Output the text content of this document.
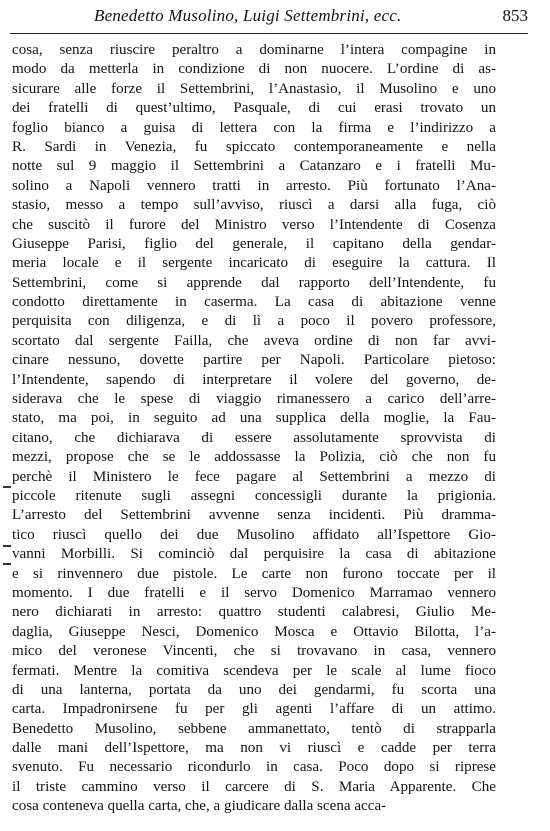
Benedetto Musolino, Luigi Settembrini, ecc.	853
cosa, senza riuscire peraltro a dominarne l’intera compagine in
modo da metterla in condizione di non nuocere. L’ordine di as-
sicurare alle forze il Settembrini, l’Anastasio, il Musolino e uno
dei fratelli di quest’ultimo, Pasquale, di cui erasi trovato un
foglio bianco a guisa di lettera con la firma e l’indirizzo a
R. Sardi in Venezia, fu spiccato contemporaneamente e nella
notte sul 9 maggio il Settembrini a Catanzaro e i fratelli Mu-
solino a Napoli vennero tratti in arresto. Più fortunato l’Ana-
stasio, messo a tempo sull’avviso, riuscì a darsi alla fuga, ciò
che suscitò il furore del Ministro verso l’Intendente di Cosenza
Giuseppe Parisi, figlio del generale, il capitano della gendar-
meria locale e il sergente incaricato di eseguire la cattura. Il
Settembrini, come si apprende dal rapporto dell’Intendente, fu
condotto direttamente in caserma. La casa di abitazione venne
perquisita con diligenza, e di lì a poco il povero professore,
scortato dal sergente Failla, che aveva ordine di non far avvi-
cinare nessuno, dovette partire per Napoli. Particolare pietoso:
l’Intendente, sapendo di interpretare il volere del governo, de-
siderava che le spese di viaggio rimanessero a carico dell’arre-
stato, ma poi, in seguito ad una supplica della moglie, la Fau-
citano, che dichiarava di essere assolutamente sprovvista di
mezzi, propose che se le addossasse la Polizia, ciò che non fu
perchè il Ministero le fece pagare al Settembrini a mezzo di
piccole ritenute sugli assegni concessigli durante la prigionia.
L’arresto del Settembrini avvenne senza incidenti. Più dramma-
tico riuscì quello dei due Musolino affidato all’Ispettore Gio-
vanni Morbilli. Si cominciò dal perquisire la casa di abitazione
e si rinvennero due pistole. Le carte non furono toccate per il
momento. I due fratelli e il servo Domenico Marramao vennero
nero dichiarati in arresto: quattro studenti calabresi, Giulio Me-
daglia, Giuseppe Nesci, Domenico Mosca e Ottavio Bilotta, l’a-
mico del veronese Vincenti, che si trovavano in casa, vennero
fermati. Mentre la comitiva scendeva per le scale al lume fioco
di una lanterna, portata da uno dei gendarmi, fu scorta una
carta. Impadronirsene fu per gli agenti l’affare di un attimo.
Benedetto Musolino, sebbene ammanettato, tentò di strapparla
dalle mani dell’Ispettore, ma non vi riuscì e cadde per terra
svenuto. Fu necessario ricondurlo in casa. Poco dopo si riprese
il triste cammino verso il carcere di S. Maria Apparente. Che
cosa conteneva quella carta, che, a giudicare dalla scena acca-
